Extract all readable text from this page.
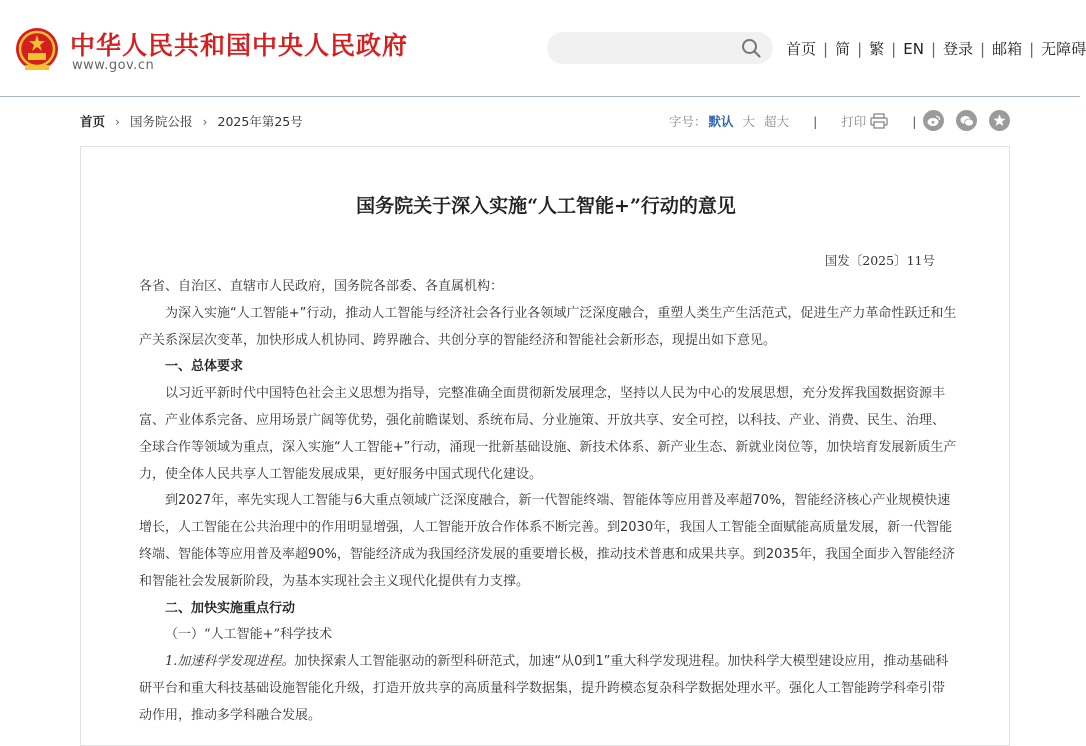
中华人民共和国中央人民政府
www.gov.cn
首页 | 简 | 繁 | EN | 登录 | 邮箱 | 无障碍
首页 › 国务院公报 › 2025年第25号	字号： 默认 大 超大 | 打印	|
国务院关于深入实施“人工智能+”行动的意见
国发〔2025〕11号

各省、自治区、直辖市人民政府，国务院各部委、各直属机构：

为深入实施“人工智能+”行动，推动人工智能与经济社会各行业各领域广泛深度融合，重塑人类生产生活范式，促进生产力革命性跃迁和生产关系深层次变革，加快形成人机协同、跨界融合、共创分享的智能经济和智能社会新形态，现提出如下意见。

一、总体要求

以习近平新时代中国特色社会主义思想为指导，完整准确全面贯彻新发展理念，坚持以人民为中心的发展思想，充分发挥我国数据资源丰富、产业体系完备、应用场景广阔等优势，强化前瞻谋划、系统布局、分业施策、开放共享、安全可控，以科技、产业、消费、民生、治理、全球合作等领域为重点，深入实施“人工智能+”行动，涌现一批新基础设施、新技术体系、新产业生态、新就业岗位等，加快培育发展新质生产力，使全体人民共享人工智能发展成果，更好服务中国式现代化建设。

到2027年，率先实现人工智能与6大重点领域广泛深度融合，新一代智能终端、智能体等应用普及率超70%，智能经济核心产业规模快速增长，人工智能在公共治理中的作用明显增强，人工智能开放合作体系不断完善。到2030年，我国人工智能全面赋能高质量发展，新一代智能终端、智能体等应用普及率超90%，智能经济成为我国经济发展的重要增长极，推动技术普惠和成果共享。到2035年，我国全面步入智能经济和智能社会发展新阶段，为基本实现社会主义现代化提供有力支撑。

二、加快实施重点行动

（一）“人工智能+”科学技术

1.加速科学发现进程。加快探索人工智能驱动的新型科研范式，加速“从0到1”重大科学发现进程。加快科学大模型建设应用，推动基础科研平台和重大科技基础设施智能化升级，打造开放共享的高质量科学数据集，提升跨模态复杂科学数据处理水平。强化人工智能跨学科牵引带动作用，推动多学科融合发展。
